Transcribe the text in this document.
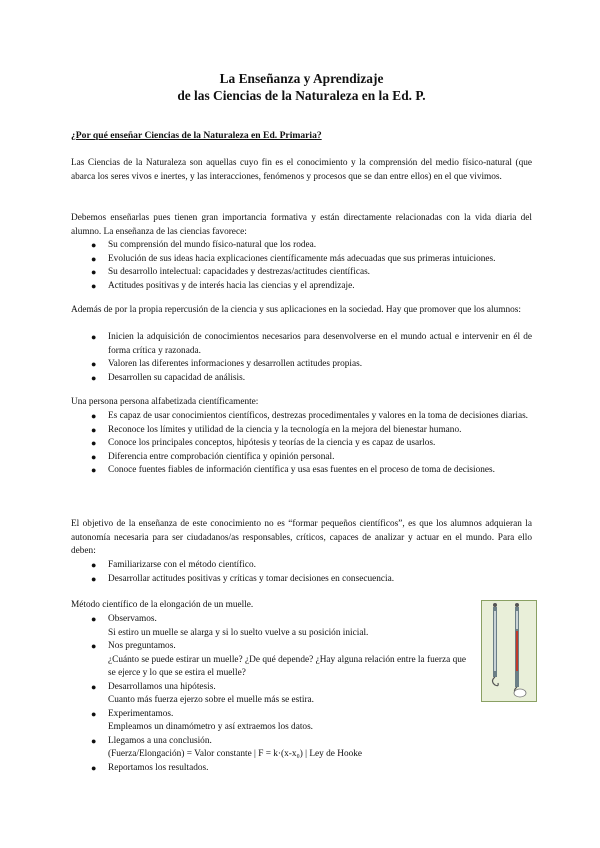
La Enseñanza y Aprendizaje
de las Ciencias de la Naturaleza en la Ed. P.
¿Por qué enseñar Ciencias de la Naturaleza en Ed. Primaria?
Las Ciencias de la Naturaleza son aquellas cuyo fin es el conocimiento y la comprensión del medio físico-natural (que abarca los seres vivos e inertes, y las interacciones, fenómenos y procesos que se dan entre ellos) en el que vivimos.
Debemos enseñarlas pues tienen gran importancia formativa y están directamente relacionadas con la vida diaria del alumno. La enseñanza de las ciencias favorece:
● Su comprensión del mundo físico-natural que los rodea.
● Evolución de sus ideas hacia explicaciones científicamente más adecuadas que sus primeras intuiciones.
● Su desarrollo intelectual: capacidades y destrezas/actitudes científicas.
● Actitudes positivas y de interés hacia las ciencias y el aprendizaje.
Además de por la propia repercusión de la ciencia y sus aplicaciones en la sociedad. Hay que promover que los alumnos:
● Inicien la adquisición de conocimientos necesarios para desenvolverse en el mundo actual e intervenir en él de forma crítica y razonada.
● Valoren las diferentes informaciones y desarrollen actitudes propias.
● Desarrollen su capacidad de análisis.
Una persona persona alfabetizada científicamente:
● Es capaz de usar conocimientos científicos, destrezas procedimentales y valores en la toma de decisiones diarias.
● Reconoce los límites y utilidad de la ciencia y la tecnología en la mejora del bienestar humano.
● Conoce los principales conceptos, hipótesis y teorías de la ciencia y es capaz de usarlos.
● Diferencia entre comprobación científica y opinión personal.
● Conoce fuentes fiables de información científica y usa esas fuentes en el proceso de toma de decisiones.
El objetivo de la enseñanza de este conocimiento no es “formar pequeños científicos”, es que los alumnos adquieran la autonomía necesaria para ser ciudadanos/as responsables, críticos, capaces de analizar y actuar en el mundo. Para ello deben:
● Familiarizarse con el método científico.
● Desarrollar actitudes positivas y críticas y tomar decisiones en consecuencia.
Método científico de la elongación de un muelle.
● Observamos.
Si estiro un muelle se alarga y si lo suelto vuelve a su posición inicial.
● Nos preguntamos.
¿Cuánto se puede estirar un muelle? ¿De qué depende? ¿Hay alguna relación entre la fuerza que se ejerce y lo que se estira el muelle?
● Desarrollamos una hipótesis.
Cuanto más fuerza ejerzo sobre el muelle más se estira.
● Experimentamos.
Empleamos un dinamómetro y así extraemos los datos.
● Llegamos a una conclusión.
(Fuerza/Elongación) = Valor constante | F = k·(x-x₀) | Ley de Hooke
● Reportamos los resultados.
